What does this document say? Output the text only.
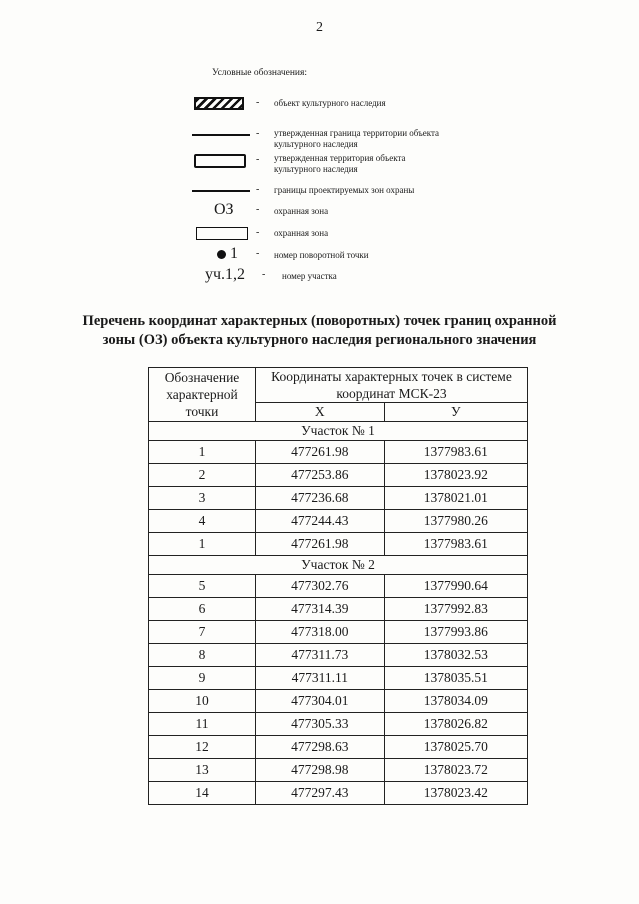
2
Условные обозначения:
- объект культурного наследия
- утвержденная граница территории объекта культурного наследия
- утвержденная территория объекта культурного наследия
- границы проектируемых зон охраны
ОЗ - охранная зона
- охранная зона
1 - номер поворотной точки
уч.1,2 - номер участка
Перечень координат характерных (поворотных) точек границ охранной
зоны (ОЗ) объекта культурного наследия регионального значения
Обозначение характерной точки	Координаты характерных точек в системе координат МСК-23	
	X	У
Участок № 1		
1	477261.98	1377983.61
2	477253.86	1378023.92
3	477236.68	1378021.01
4	477244.43	1377980.26
1	477261.98	1377983.61
Участок № 2		
5	477302.76	1377990.64
6	477314.39	1377992.83
7	477318.00	1377993.86
8	477311.73	1378032.53
9	477311.11	1378035.51
10	477304.01	1378034.09
11	477305.33	1378026.82
12	477298.63	1378025.70
13	477298.98	1378023.72
14	477297.43	1378023.42
